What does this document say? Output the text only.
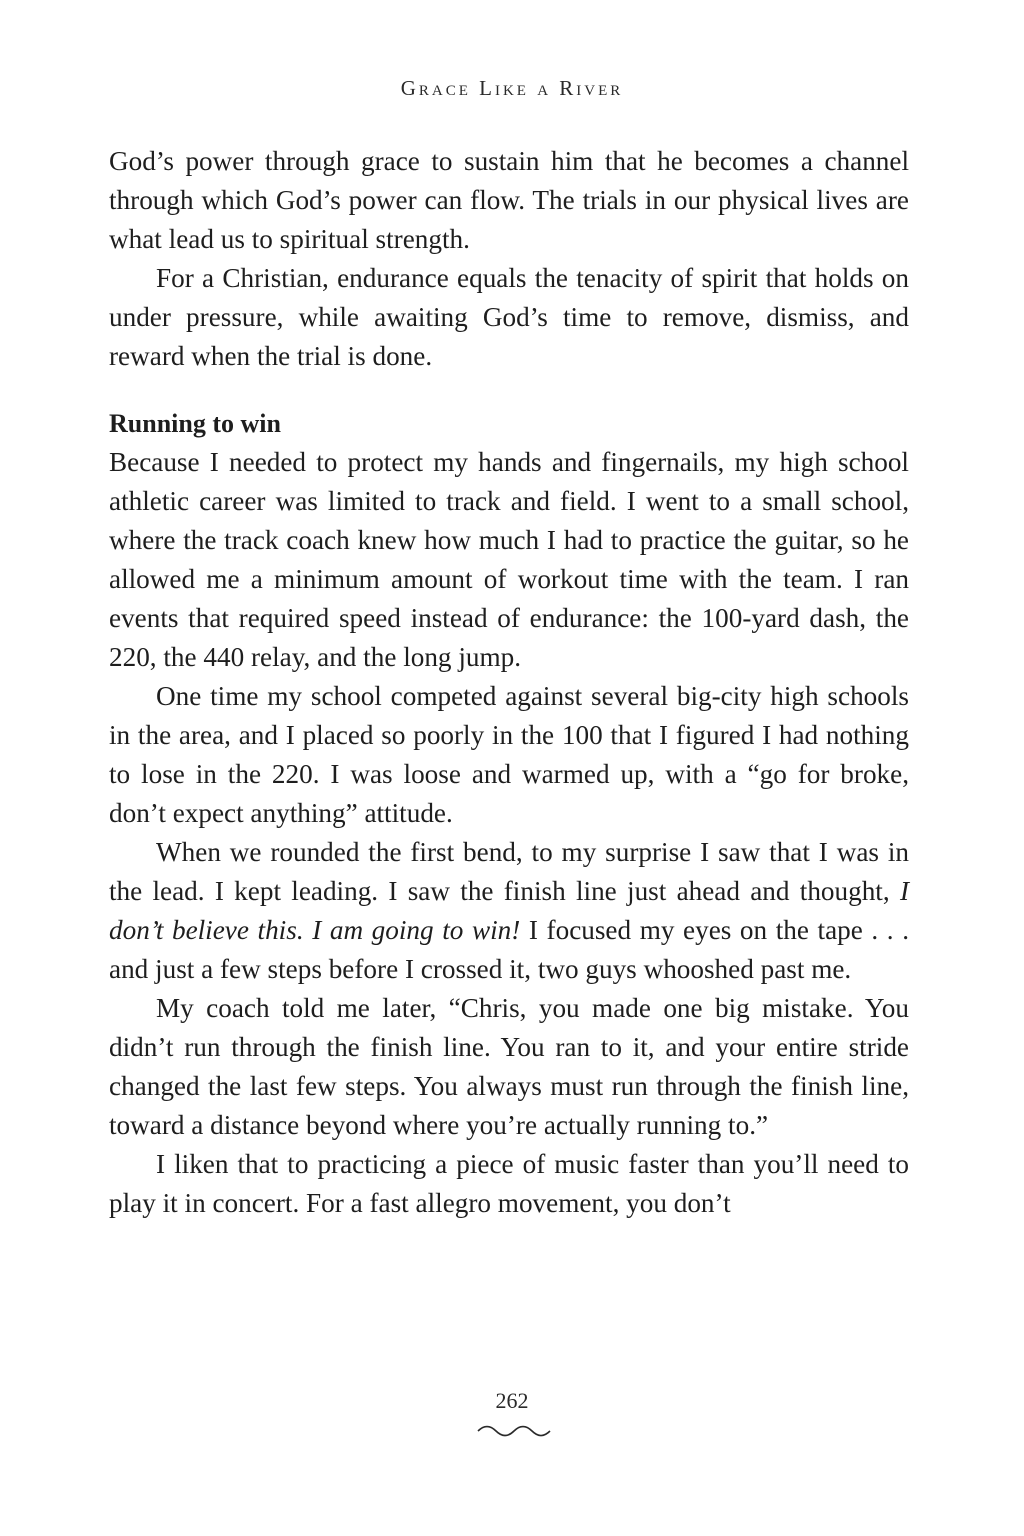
Grace Like a River

God’s power through grace to sustain him that he becomes a channel through which God’s power can flow. The trials in our physical lives are what lead us to spiritual strength.

For a Christian, endurance equals the tenacity of spirit that holds on under pressure, while awaiting God’s time to remove, dismiss, and reward when the trial is done.

Running to win

Because I needed to protect my hands and fingernails, my high school athletic career was limited to track and field. I went to a small school, where the track coach knew how much I had to practice the guitar, so he allowed me a minimum amount of workout time with the team. I ran events that required speed instead of endurance: the 100-yard dash, the 220, the 440 relay, and the long jump.

One time my school competed against several big-city high schools in the area, and I placed so poorly in the 100 that I figured I had nothing to lose in the 220. I was loose and warmed up, with a “go for broke, don’t expect anything” attitude.

When we rounded the first bend, to my surprise I saw that I was in the lead. I kept leading. I saw the finish line just ahead and thought, I don’t believe this. I am going to win! I focused my eyes on the tape . . . and just a few steps before I crossed it, two guys whooshed past me.

My coach told me later, “Chris, you made one big mistake. You didn’t run through the finish line. You ran to it, and your entire stride changed the last few steps. You always must run through the finish line, toward a distance beyond where you’re actually running to.”

I liken that to practicing a piece of music faster than you’ll need to play it in concert. For a fast allegro movement, you don’t

262
